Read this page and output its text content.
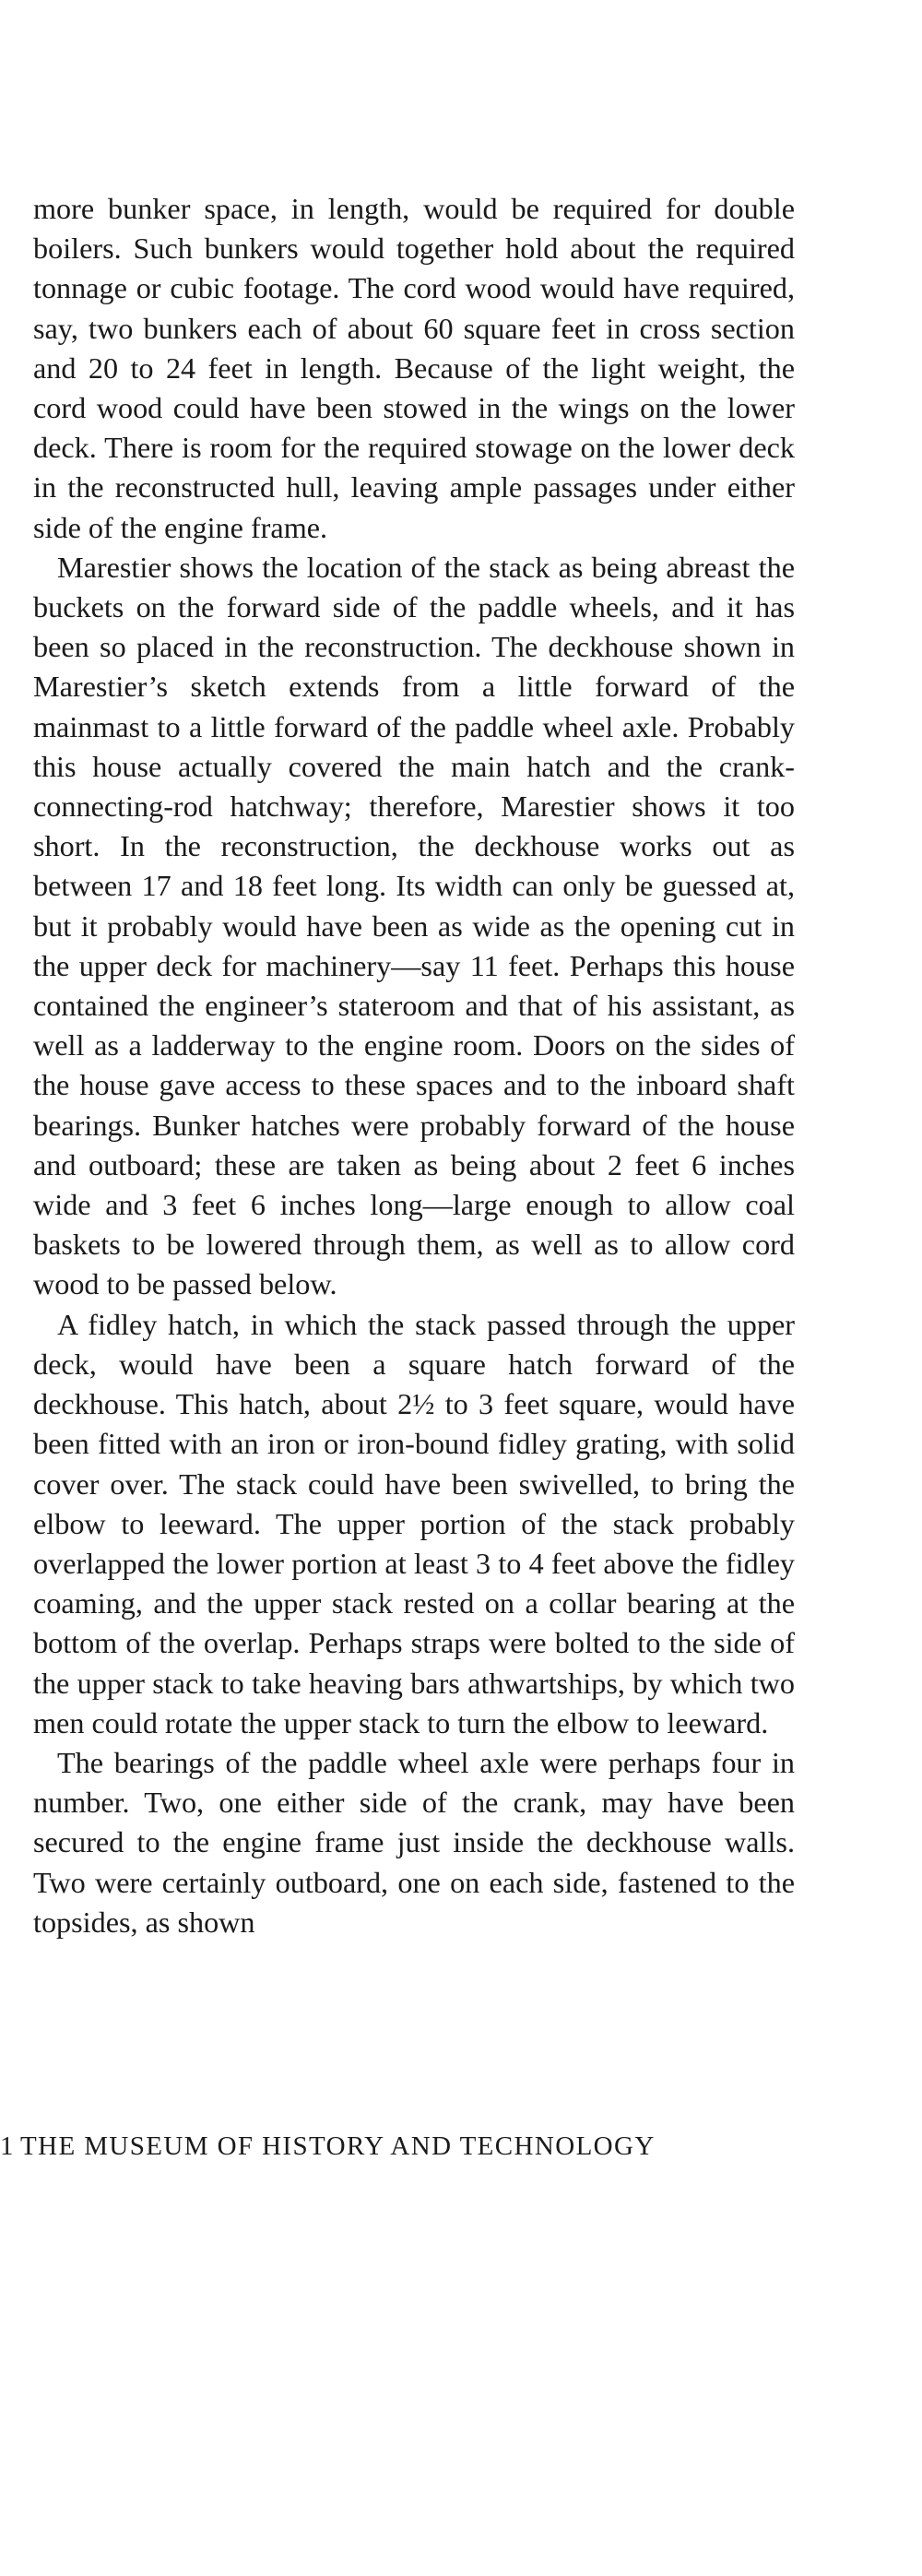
more bunker space, in length, would be required for double boilers. Such bunkers would together hold about the required tonnage or cubic footage. The cord wood would have required, say, two bunkers each of about 60 square feet in cross section and 20 to 24 feet in length. Because of the light weight, the cord wood could have been stowed in the wings on the lower deck. There is room for the required stowage on the lower deck in the reconstructed hull, leaving ample passages under either side of the engine frame.

Marestier shows the location of the stack as being abreast the buckets on the forward side of the paddle wheels, and it has been so placed in the reconstruction. The deckhouse shown in Marestier’s sketch extends from a little forward of the mainmast to a little forward of the paddle wheel axle. Probably this house actually covered the main hatch and the crank-connecting-rod hatchway; therefore, Marestier shows it too short. In the reconstruction, the deckhouse works out as between 17 and 18 feet long. Its width can only be guessed at, but it probably would have been as wide as the opening cut in the upper deck for machinery—say 11 feet. Perhaps this house contained the engineer’s stateroom and that of his assistant, as well as a ladderway to the engine room. Doors on the sides of the house gave access to these spaces and to the inboard shaft bearings. Bunker hatches were probably forward of the house and outboard; these are taken as being about 2 feet 6 inches wide and 3 feet 6 inches long—large enough to allow coal baskets to be lowered through them, as well as to allow cord wood to be passed below.

A fidley hatch, in which the stack passed through the upper deck, would have been a square hatch forward of the deckhouse. This hatch, about 2½ to 3 feet square, would have been fitted with an iron or iron-bound fidley grating, with solid cover over. The stack could have been swivelled, to bring the elbow to leeward. The upper portion of the stack probably overlapped the lower portion at least 3 to 4 feet above the fidley coaming, and the upper stack rested on a collar bearing at the bottom of the overlap. Perhaps straps were bolted to the side of the upper stack to take heaving bars athwartships, by which two men could rotate the upper stack to turn the elbow to leeward.

The bearings of the paddle wheel axle were perhaps four in number. Two, one either side of the crank, may have been secured to the engine frame just inside the deckhouse walls. Two were certainly outboard, one on each side, fastened to the topsides, as shown

1 THE MUSEUM OF HISTORY AND TECHNOLOGY
